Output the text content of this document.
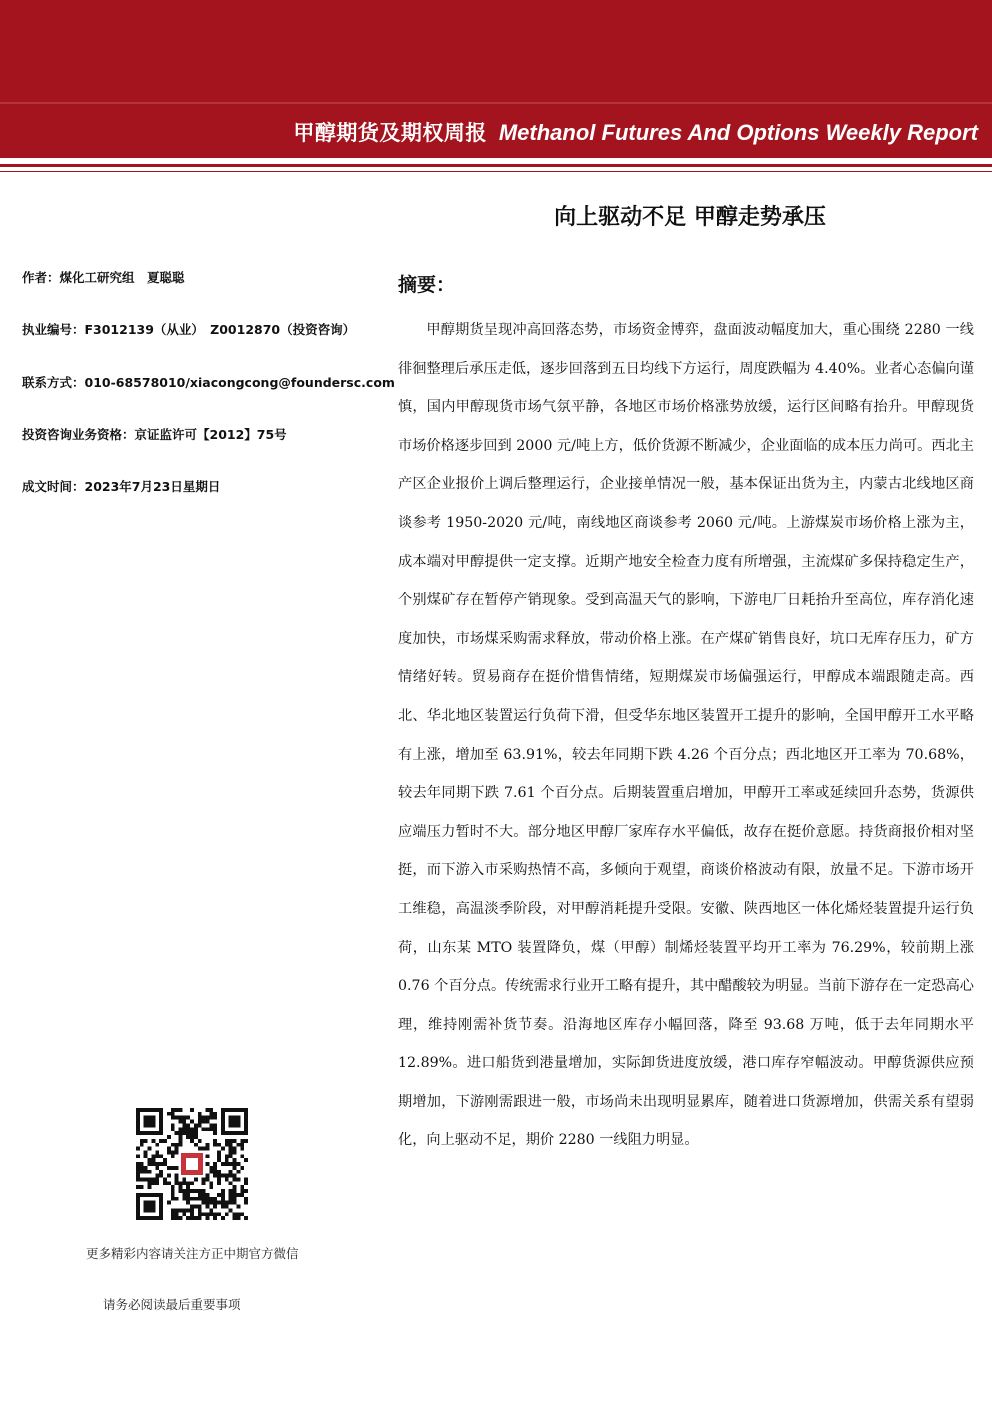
甲醇期货及期权周报 Methanol Futures And Options Weekly Report
向上驱动不足 甲醇走势承压
作者：煤化工研究组　夏聪聪
执业编号：F3012139（从业）　Z0012870（投资咨询）
联系方式：010-68578010/xiacongcong@foundersc.com
投资咨询业务资格：京证监许可【2012】75号
成文时间：2023年7月23日星期日
摘要：

甲醇期货呈现冲高回落态势，市场资金博弈，盘面波动幅度加大，重心围绕 2280 一线徘徊整理后承压走低，逐步回落到五日均线下方运行，周度跌幅为 4.40%。业者心态偏向谨慎，国内甲醇现货市场气氛平静，各地区市场价格涨势放缓，运行区间略有抬升。甲醇现货市场价格逐步回到 2000 元/吨上方，低价货源不断减少，企业面临的成本压力尚可。西北主产区企业报价上调后整理运行，企业接单情况一般，基本保证出货为主，内蒙古北线地区商谈参考 1950-2020 元/吨，南线地区商谈参考 2060 元/吨。上游煤炭市场价格上涨为主，成本端对甲醇提供一定支撑。近期产地安全检查力度有所增强，主流煤矿多保持稳定生产，个别煤矿存在暂停产销现象。受到高温天气的影响，下游电厂日耗抬升至高位，库存消化速度加快，市场煤采购需求释放，带动价格上涨。在产煤矿销售良好，坑口无库存压力，矿方情绪好转。贸易商存在挺价惜售情绪，短期煤炭市场偏强运行，甲醇成本端跟随走高。西北、华北地区装置运行负荷下滑，但受华东地区装置开工提升的影响，全国甲醇开工水平略有上涨，增加至 63.91%，较去年同期下跌 4.26 个百分点；西北地区开工率为 70.68%，较去年同期下跌 7.61 个百分点。后期装置重启增加，甲醇开工率或延续回升态势，货源供应端压力暂时不大。部分地区甲醇厂家库存水平偏低，故存在挺价意愿。持货商报价相对坚挺，而下游入市采购热情不高，多倾向于观望，商谈价格波动有限，放量不足。下游市场开工维稳，高温淡季阶段，对甲醇消耗提升受限。安徽、陕西地区一体化烯烃装置提升运行负荷，山东某 MTO 装置降负，煤（甲醇）制烯烃装置平均开工率为 76.29%，较前期上涨 0.76 个百分点。传统需求行业开工略有提升，其中醋酸较为明显。当前下游存在一定恐高心理，维持刚需补货节奏。沿海地区库存小幅回落，降至 93.68 万吨，低于去年同期水平 12.89%。进口船货到港量增加，实际卸货进度放缓，港口库存窄幅波动。甲醇货源供应预期增加，下游刚需跟进一般，市场尚未出现明显累库，随着进口货源增加，供需关系有望弱化，向上驱动不足，期价 2280 一线阻力明显。

更多精彩内容请关注方正中期官方微信
请务必阅读最后重要事项
